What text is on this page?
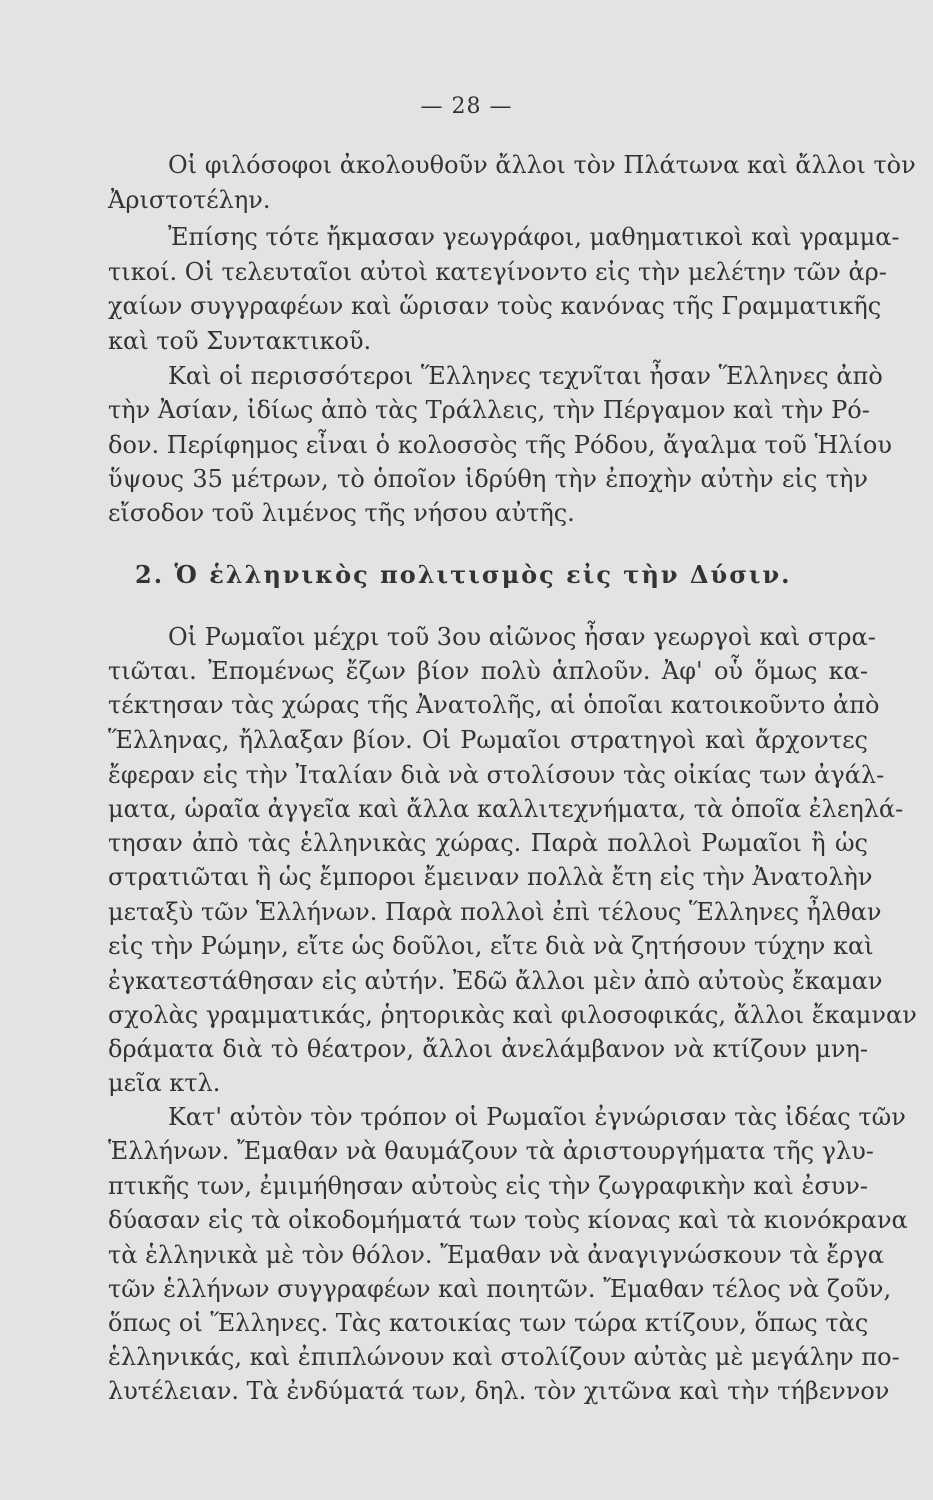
— 28 —
Οἱ φιλόσοφοι ἀκολουθοῦν ἄλλοι τὸν Πλάτωνα καὶ ἄλλοι τὸν
Ἀριστοτέλην.
Ἐπίσης τότε ἤκμασαν γεωγράφοι, μαθηματικοὶ καὶ γραμμα-
τικοί. Οἱ τελευταῖοι αὐτοὶ κατεγίνοντο εἰς τὴν μελέτην τῶν ἀρ-
χαίων συγγραφέων καὶ ὥρισαν τοὺς κανόνας τῆς Γραμματικῆς
καὶ τοῦ Συντακτικοῦ.
Καὶ οἱ περισσότεροι Ἕλληνες τεχνῖται ἦσαν Ἕλληνες ἀπὸ
τὴν Ἀσίαν, ἰδίως ἀπὸ τὰς Τράλλεις, τὴν Πέργαμον καὶ τὴν Ρό-
δον. Περίφημος εἶναι ὁ κολοσσὸς τῆς Ρόδου, ἄγαλμα τοῦ Ἡλίου
ὕψους 35 μέτρων, τὸ ὁποῖον ἱδρύθη τὴν ἐποχὴν αὐτὴν εἰς τὴν
εἴσοδον τοῦ λιμένος τῆς νήσου αὐτῆς.
2. Ὁ ἑλληνικὸς πολιτισμὸς εἰς τὴν Δύσιν.
Οἱ Ρωμαῖοι μέχρι τοῦ 3ου αἰῶνος ἦσαν γεωργοὶ καὶ στρα-
τιῶται. Ἐπομένως ἔζων βίον πολὺ ἁπλοῦν. Ἀφ' οὗ ὅμως κα-
τέκτησαν τὰς χώρας τῆς Ἀνατολῆς, αἱ ὁποῖαι κατοικοῦντο ἀπὸ
Ἕλληνας, ἤλλαξαν βίον. Οἱ Ρωμαῖοι στρατηγοὶ καὶ ἄρχοντες
ἔφεραν εἰς τὴν Ἰταλίαν διὰ νὰ στολίσουν τὰς οἰκίας των ἀγάλ-
ματα, ὡραῖα ἀγγεῖα καὶ ἄλλα καλλιτεχνήματα, τὰ ὁποῖα ἐλεηλά-
τησαν ἀπὸ τὰς ἑλληνικὰς χώρας. Παρὰ πολλοὶ Ρωμαῖοι ἢ ὡς
στρατιῶται ἢ ὡς ἔμποροι ἔμειναν πολλὰ ἔτη εἰς τὴν Ἀνατολὴν
μεταξὺ τῶν Ἑλλήνων. Παρὰ πολλοὶ ἐπὶ τέλους Ἕλληνες ἦλθαν
εἰς τὴν Ρώμην, εἴτε ὡς δοῦλοι, εἴτε διὰ νὰ ζητήσουν τύχην καὶ
ἐγκατεστάθησαν εἰς αὐτήν. Ἐδῶ ἄλλοι μὲν ἀπὸ αὐτοὺς ἔκαμαν
σχολὰς γραμματικάς, ῥητορικὰς καὶ φιλοσοφικάς, ἄλλοι ἔκαμναν
δράματα διὰ τὸ θέατρον, ἄλλοι ἀνελάμβανον νὰ κτίζουν μνη-
μεῖα κτλ.
Κατ' αὐτὸν τὸν τρόπον οἱ Ρωμαῖοι ἐγνώρισαν τὰς ἰδέας τῶν
Ἑλλήνων. Ἔμαθαν νὰ θαυμάζουν τὰ ἀριστουργήματα τῆς γλυ-
πτικῆς των, ἐμιμήθησαν αὐτοὺς εἰς τὴν ζωγραφικὴν καὶ ἐσυν-
δύασαν εἰς τὰ οἰκοδομήματά των τοὺς κίονας καὶ τὰ κιονόκρανα
τὰ ἑλληνικὰ μὲ τὸν θόλον. Ἔμαθαν νὰ ἀναγιγνώσκουν τὰ ἔργα
τῶν ἑλλήνων συγγραφέων καὶ ποιητῶν. Ἔμαθαν τέλος νὰ ζοῦν,
ὅπως οἱ Ἕλληνες. Τὰς κατοικίας των τώρα κτίζουν, ὅπως τὰς
ἑλληνικάς, καὶ ἐπιπλώνουν καὶ στολίζουν αὐτὰς μὲ μεγάλην πο-
λυτέλειαν. Τὰ ἐνδύματά των, δηλ. τὸν χιτῶνα καὶ τὴν τήβεννον
